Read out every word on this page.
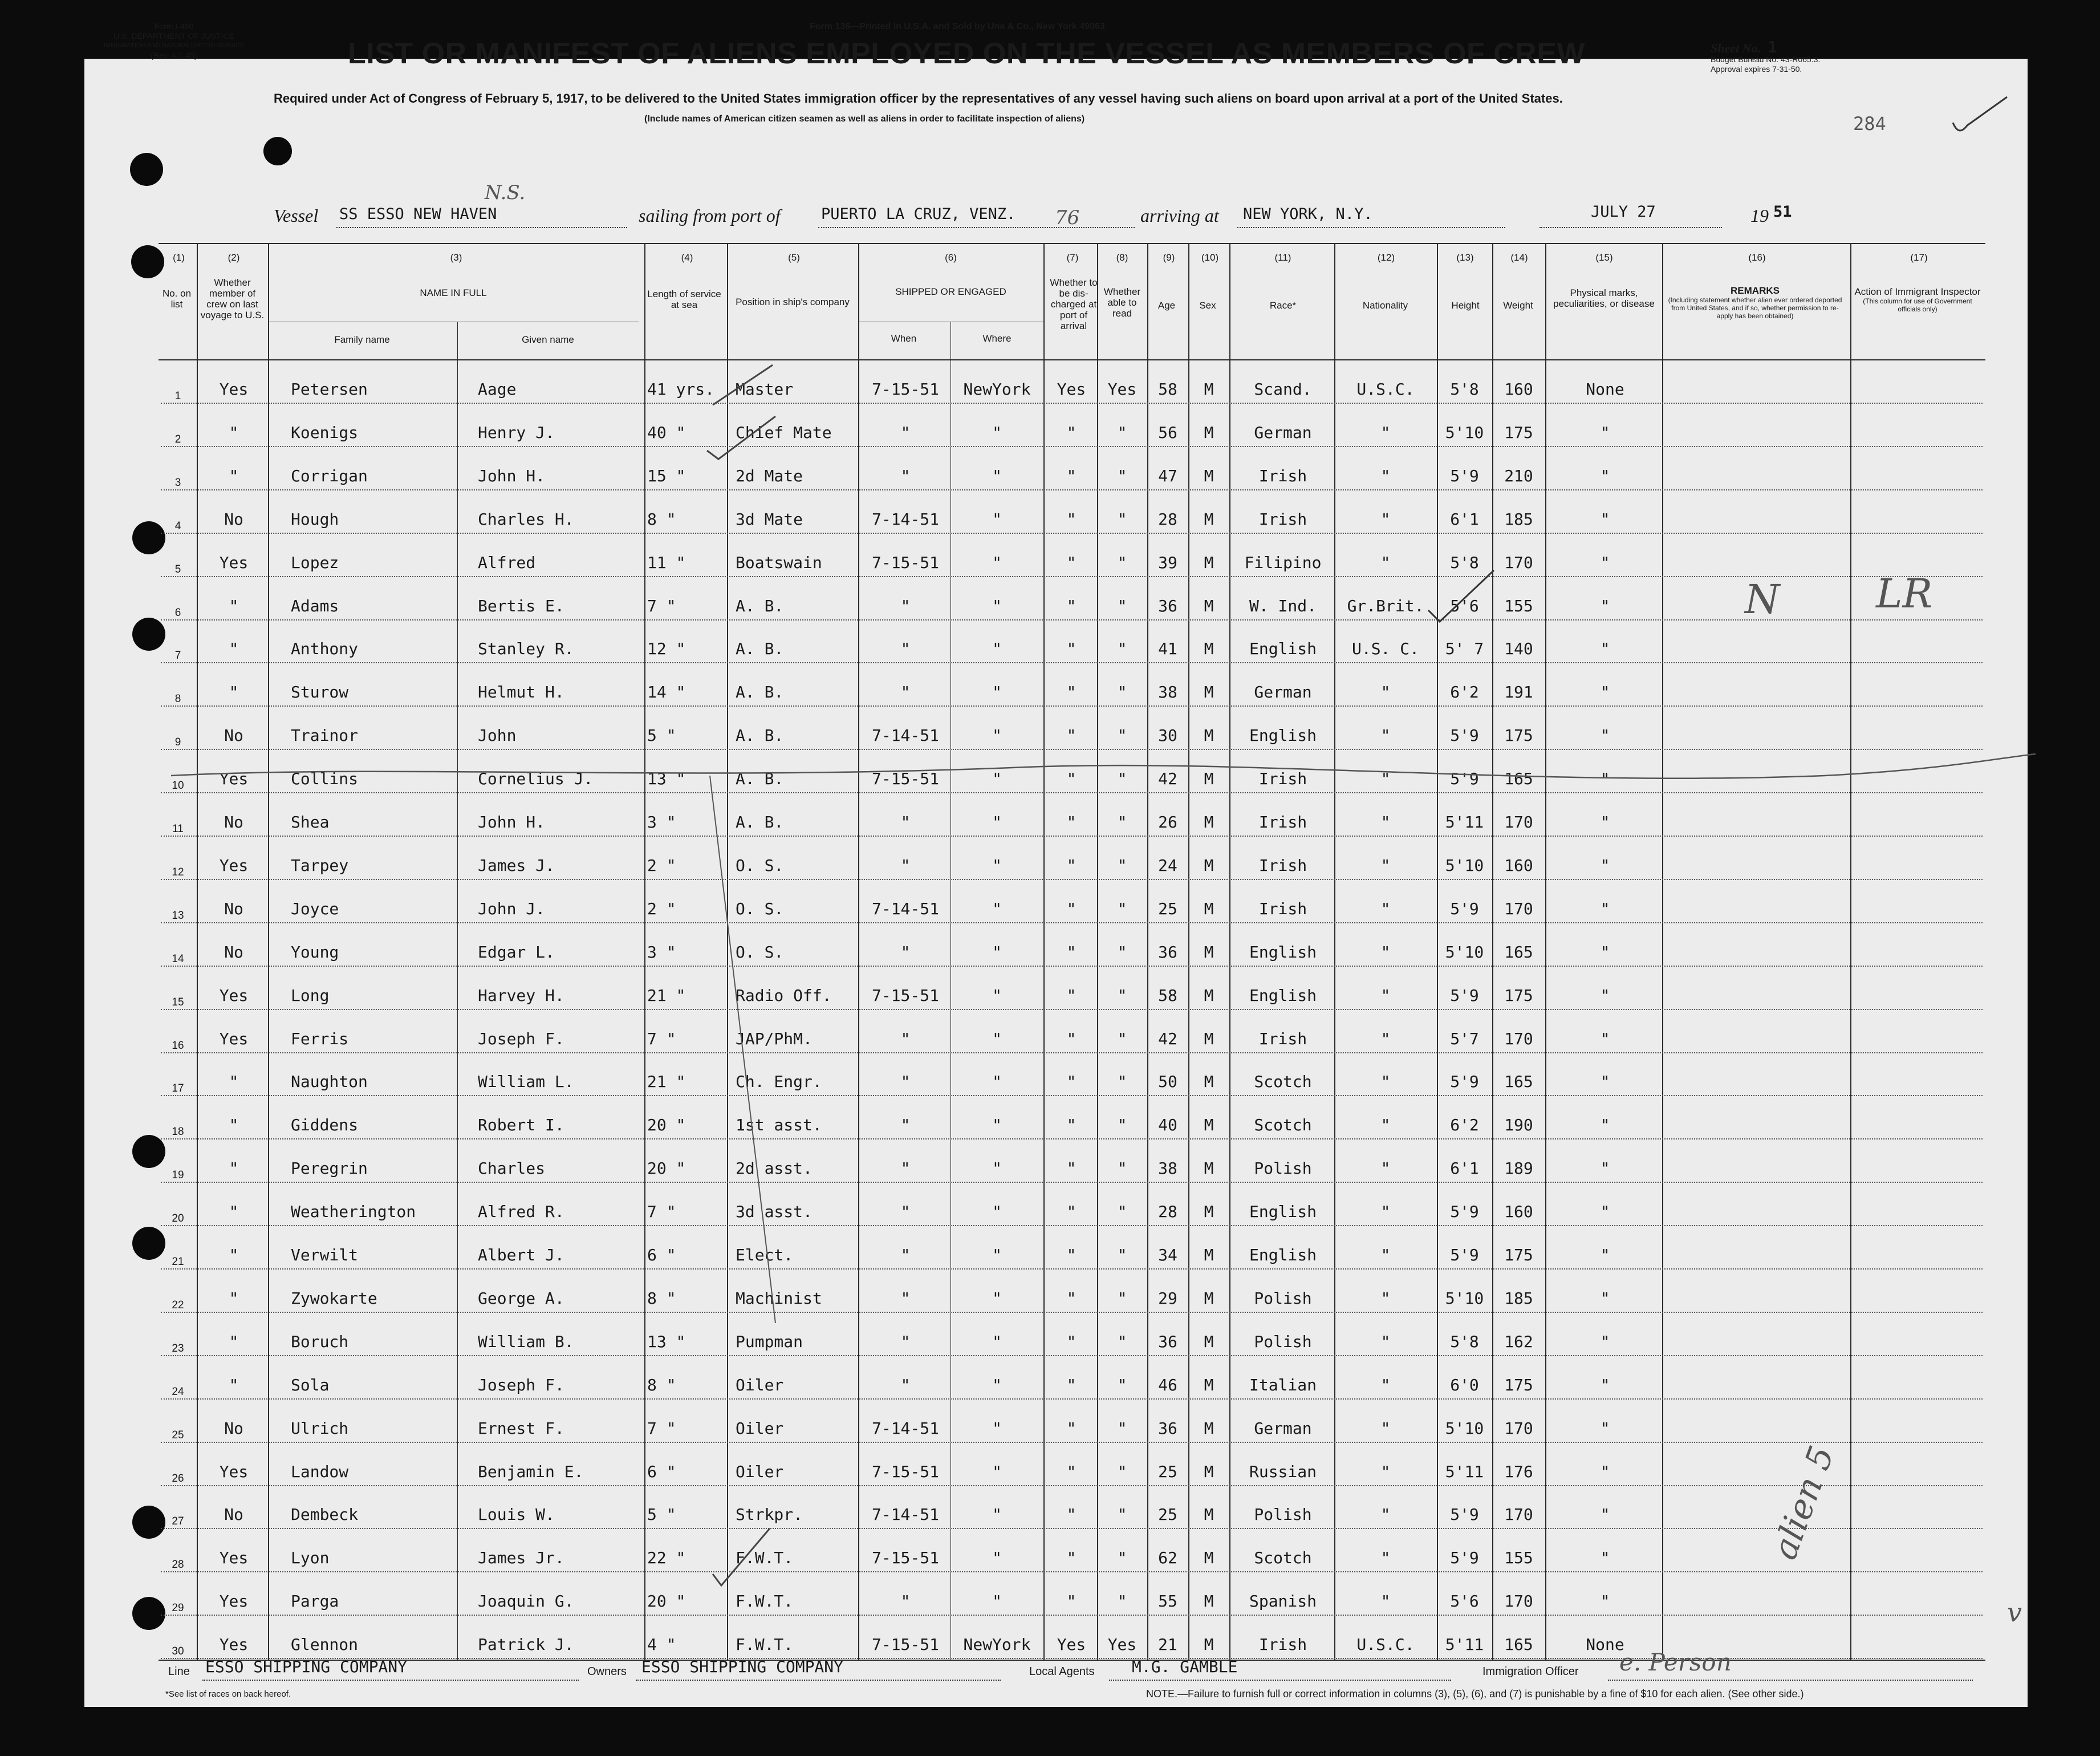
Form I-480
U.S. DEPARTMENT OF JUSTICE
IMMIGRATION AND NATURALIZATION SERVICE
(Rev. 4-1-45)
Form 136—Printed in U.S.A. and Sold by Una & Co., New York 49063
LIST OR MANIFEST OF ALIENS EMPLOYED ON THE VESSEL AS MEMBERS OF CREW	Sheet No. 1
Budget Bureau No. 43-R065.3.
Approval expires 7-31-50.
Required under Act of Congress of February 5, 1917, to be delivered to the United States immigration officer by the representatives of any vessel having such aliens on board upon arrival at a port of the United States.
(Include names of American citizen seamen as well as aliens in order to facilitate inspection of aliens)	284
Vessel SS ESSO NEW HAVEN	sailing from port of	PUERTO LA CRUZ, VENZ.	arriving at NEW YORK, N.Y.	JULY 27	19 51
(1)	(2)	(3)	(4)	(5)	(6)	(7)	(8)	(9)	(10)	(11)	(12)	(13)	(14)	(15)	(16)	(17)
No. on list
Whether member of crew on last voyage to U.S.
NAME IN FULL
Family name	Given name
Length of service at sea	Position in ship's company
SHIPPED OR ENGAGED
When	Where
Whether to be dis-charged at port of arrival
Whether able to read
Age	Sex	Race*	Nationality	Height	Weight
Physical marks, peculiarities, or disease
REMARKS
(Including statement whether alien ever ordered deported from United States, and if so, whether permission to re-apply has been obtained)
Action of Immigrant Inspector
(This column for use of Government officials only)
1	Yes	Petersen	Aage	41 yrs.	Master	7-15-51	NewYork	Yes	Yes	58	M	Scand.	U.S.C.	5'8	160	None
2	"	Koenigs	Henry J.	40 "	Chief Mate	"	"	"	"	56	M	German	"	5'10	175	"
3	"	Corrigan	John H.	15 "	2d Mate	"	"	"	"	47	M	Irish	"	5'9	210	"
4	No	Hough	Charles H.	8 "	3d Mate	7-14-51	"	"	"	28	M	Irish	"	6'1	185	"
5	Yes	Lopez	Alfred	11 "	Boatswain	7-15-51	"	"	"	39	M	Filipino	"	5'8	170	"
6	"	Adams	Bertis E.	7 "	A. B.	"	"	"	"	36	M	W. Ind.	Gr.Brit.	5'6	155	"
7	"	Anthony	Stanley R.	12 "	A. B.	"	"	"	"	41	M	English	U.S. C.	5' 7	140	"
8	"	Sturow	Helmut H.	14 "	A. B.	"	"	"	"	38	M	German	"	6'2	191	"
9	No	Trainor	John	5 "	A. B.	7-14-51	"	"	"	30	M	English	"	5'9	175	"
10	Yes	Collins	Cornelius J.	13 "	A. B.	7-15-51	"	"	"	42	M	Irish	"	5'9	165	"
11	No	Shea	John H.	3 "	A. B.	"	"	"	"	26	M	Irish	"	5'11	170	"
12	Yes	Tarpey	James J.	2 "	O. S.	"	"	"	"	24	M	Irish	"	5'10	160	"
13	No	Joyce	John J.	2 "	O. S.	7-14-51	"	"	"	25	M	Irish	"	5'9	170	"
14	No	Young	Edgar L.	3 "	O. S.	"	"	"	"	36	M	English	"	5'10	165	"
15	Yes	Long	Harvey H.	21 "	Radio Off.	7-15-51	"	"	"	58	M	English	"	5'9	175	"
16	Yes	Ferris	Joseph F.	7 "	JAP/PhM.	"	"	"	"	42	M	Irish	"	5'7	170	"
17	"	Naughton	William L.	21 "	Ch. Engr.	"	"	"	"	50	M	Scotch	"	5'9	165	"
18	"	Giddens	Robert I.	20 "	1st asst.	"	"	"	"	40	M	Scotch	"	6'2	190	"
19	"	Peregrin	Charles	20 "	2d asst.	"	"	"	"	38	M	Polish	"	6'1	189	"
20	"	Weatherington	Alfred R.	7 "	3d asst.	"	"	"	"	28	M	English	"	5'9	160	"
21	"	Verwilt	Albert J.	6 "	Elect.	"	"	"	"	34	M	English	"	5'9	175	"
22	"	Zywokarte	George A.	8 "	Machinist	"	"	"	"	29	M	Polish	"	5'10	185	"
23	"	Boruch	William B.	13 "	Pumpman	"	"	"	"	36	M	Polish	"	5'8	162	"
24	"	Sola	Joseph F.	8 "	Oiler	"	"	"	"	46	M	Italian	"	6'0	175	"
25	No	Ulrich	Ernest F.	7 "	Oiler	7-14-51	"	"	"	36	M	German	"	5'10	170	"
26	Yes	Landow	Benjamin E.	6 "	Oiler	7-15-51	"	"	"	25	M	Russian	"	5'11	176	"
27	No	Dembeck	Louis W.	5 "	Strkpr.	7-14-51	"	"	"	25	M	Polish	"	5'9	170	"
28	Yes	Lyon	James Jr.	22 "	F.W.T.	7-15-51	"	"	"	62	M	Scotch	"	5'9	155	"
29	Yes	Parga	Joaquin G.	20 "	F.W.T.	"	"	"	"	55	M	Spanish	"	5'6	170	"
30	Yes	Glennon	Patrick J.	4 "	F.W.T.	7-15-51	NewYork	Yes	Yes	21	M	Irish	U.S.C.	5'11	165	None
N LR
alien 5
e. Person
v
N.S.
76
Line ESSO SHIPPING COMPANY	Owners ESSO SHIPPING COMPANY	Local Agents M.G. GAMBLE	Immigration Officer
*See list of races on back hereof.	NOTE.—Failure to furnish full or correct information in columns (3), (5), (6), and (7) is punishable by a fine of $10 for each alien. (See other side.)
